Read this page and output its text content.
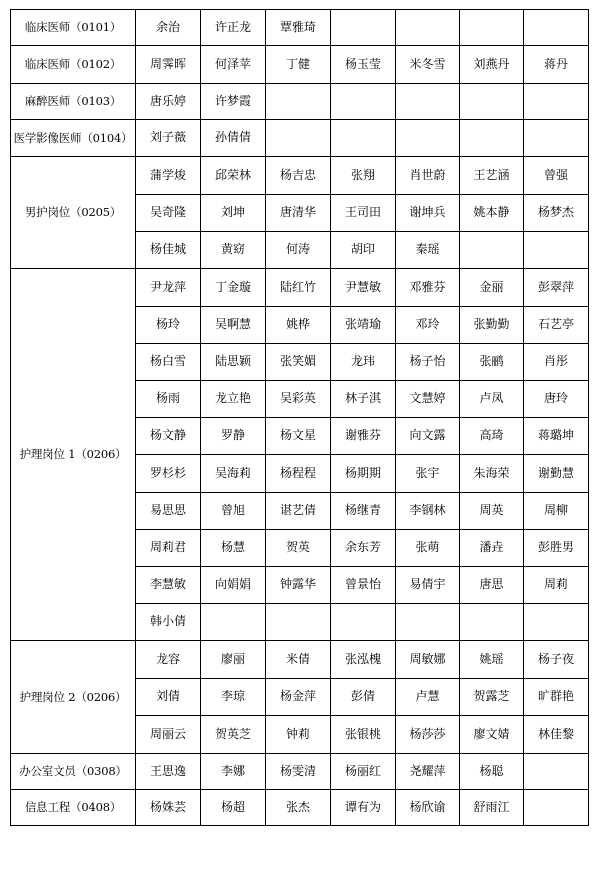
临床医师（0101）	余治	许正龙	覃雅琦				
临床医师（0102）	周霁晖	何泽苹	丁健	杨玉莹	米冬雪	刘燕丹	蒋丹
麻醉医师（0103）	唐乐婷	许梦霞					
医学影像医师（0104）	刘子薇	孙倩倩					
男护岗位（0205）	蒲学焌	邱荣林	杨吉忠	张翔	肖世蔚	王艺涵	曾强
	吴奇隆	刘坤	唐清华	王司田	谢坤兵	姚本静	杨梦杰
	杨佳城	黄窈	何涛	胡印	秦瑶		
护理岗位 1（0206）	尹龙萍	丁金璇	陆红竹	尹慧敏	邓雅芬	金丽	彭翠萍
	杨玲	吴啊慧	姚桦	张靖瑜	邓玲	张勤勤	石艺亭
	杨白雪	陆思颖	张笑媚	龙玮	杨子怡	张鹂	肖彤
	杨雨	龙立艳	吴彩英	林子淇	文慧婷	卢凤	唐玲
	杨文静	罗静	杨文星	谢雅芬	向文露	高琦	蒋璐坤
	罗杉杉	吴海莉	杨程程	杨期期	张宇	朱海荣	谢勤慧
	易思思	曾旭	谌艺倩	杨继青	李钢林	周英	周柳
	周莉君	杨慧	贺英	余东芳	张萌	潘垚	彭胜男
	李慧敏	向娟娟	钟露华	曾景怡	易倩宇	唐思	周莉
	韩小倩						
护理岗位 2（0206）	龙容	廖丽	米倩	张泓槐	周敏娜	姚瑶	杨子夜
	刘倩	李琼	杨金萍	彭倩	卢慧	贺露芝	旷群艳
	周丽云	贺英芝	钟莉	张银桃	杨莎莎	廖文婧	林佳黎
办公室文员（0308）	王思逸	李娜	杨雯清	杨丽红	尧耀萍	杨聪	
信息工程（0408）	杨姝芸	杨超	张杰	谭有为	杨欣谕	舒雨江	
